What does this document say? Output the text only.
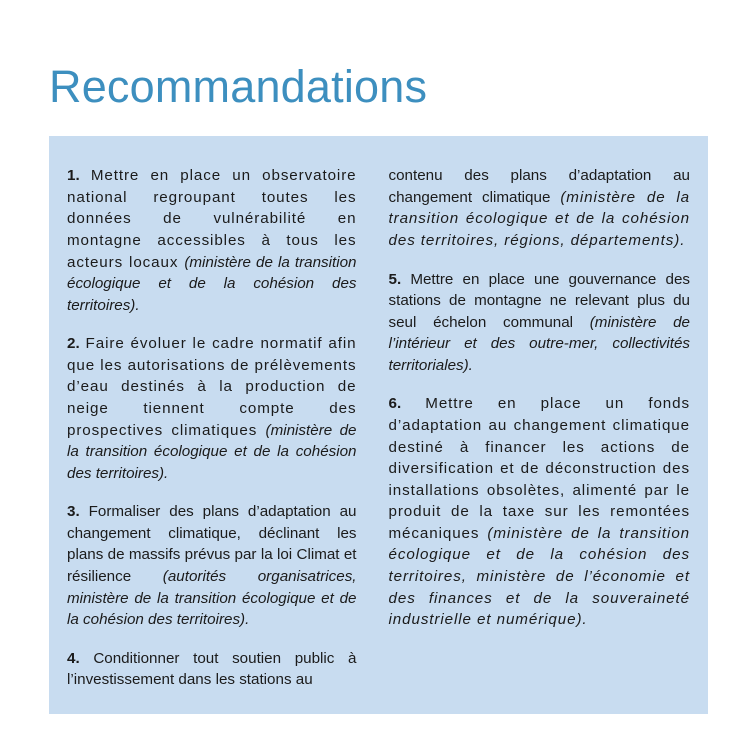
Recommandations

1. Mettre en place un observatoire national regroupant toutes les données de vulnérabilité en montagne accessibles à tous les acteurs locaux (ministère de la transition écologique et de la cohésion des territoires).

2. Faire évoluer le cadre normatif afin que les autorisations de prélèvements d’eau destinés à la production de neige tiennent compte des prospectives climatiques (ministère de la transition écologique et de la cohésion des territoires).

3. Formaliser des plans d’adaptation au changement climatique, déclinant les plans de massifs prévus par la loi Climat et résilience (autorités organisatrices, ministère de la transition écologique et de la cohésion des territoires).

4. Conditionner tout soutien public à l’investissement dans les stations au

contenu des plans d’adaptation au changement climatique (ministère de la transition écologique et de la cohésion des territoires, régions, départements).

5. Mettre en place une gouvernance des stations de montagne ne relevant plus du seul échelon communal (ministère de l’intérieur et des outre-mer, collectivités territoriales).

6. Mettre en place un fonds d’adaptation au changement climatique destiné à financer les actions de diversification et de déconstruction des installations obsolètes, alimenté par le produit de la taxe sur les remontées mécaniques (ministère de la transition écologique et de la cohésion des territoires, ministère de l’économie et des finances et de la souveraineté industrielle et numérique).
